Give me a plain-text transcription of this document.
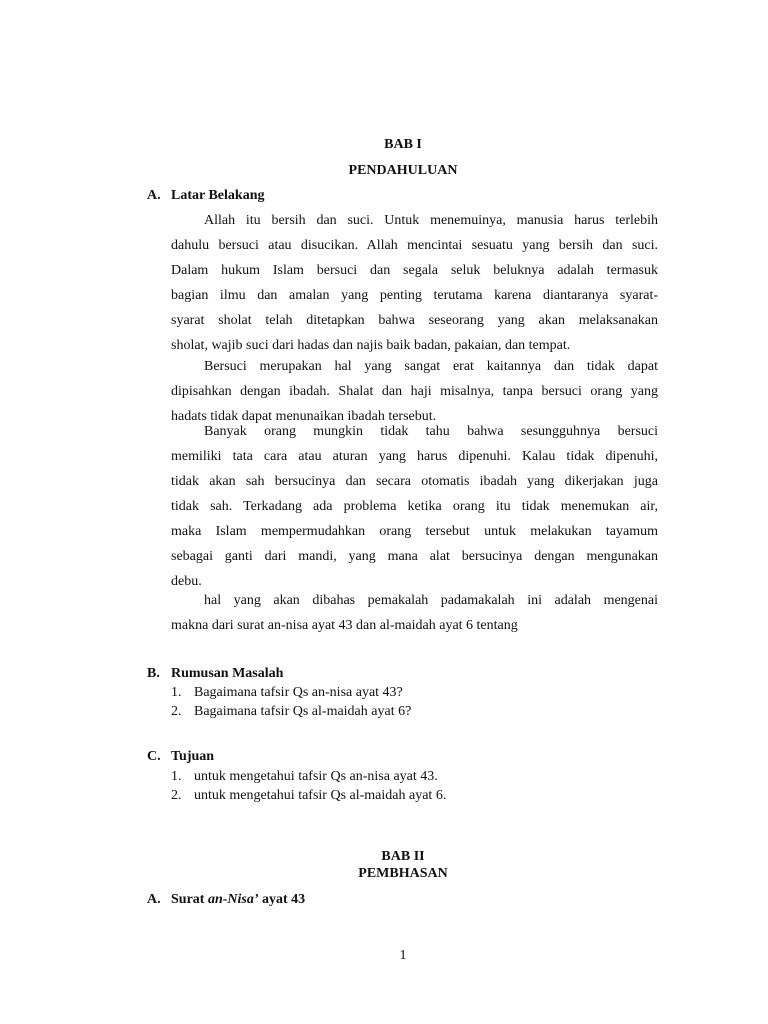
BAB I
PENDAHULUAN
A. Latar Belakang
Allah itu bersih dan suci. Untuk menemuinya, manusia harus terlebih
dahulu bersuci atau disucikan. Allah mencintai sesuatu yang bersih dan suci.
Dalam hukum Islam bersuci dan segala seluk beluknya adalah termasuk
bagian ilmu dan amalan yang penting terutama karena diantaranya syarat-
syarat sholat telah ditetapkan bahwa seseorang yang akan melaksanakan
sholat, wajib suci dari hadas dan najis baik badan, pakaian, dan tempat.
Bersuci merupakan hal yang sangat erat kaitannya dan tidak dapat
dipisahkan dengan ibadah. Shalat dan haji misalnya, tanpa bersuci orang yang
hadats tidak dapat menunaikan ibadah tersebut.
Banyak orang mungkin tidak tahu bahwa sesungguhnya bersuci
memiliki tata cara atau aturan yang harus dipenuhi. Kalau tidak dipenuhi,
tidak akan sah bersucinya dan secara otomatis ibadah yang dikerjakan juga
tidak sah. Terkadang ada problema ketika orang itu tidak menemukan air,
maka Islam mempermudahkan orang tersebut untuk melakukan tayamum
sebagai ganti dari mandi, yang mana alat bersucinya dengan mengunakan
debu.
hal yang akan dibahas pemakalah padamakalah ini adalah mengenai
makna dari surat an-nisa ayat 43 dan al-maidah ayat 6 tentang
B. Rumusan Masalah
1. Bagaimana tafsir Qs an-nisa ayat 43?
2. Bagaimana tafsir Qs al-maidah ayat 6?
C. Tujuan
1. untuk mengetahui tafsir Qs an-nisa ayat 43.
2. untuk mengetahui tafsir Qs al-maidah ayat 6.
BAB II
PEMBHASAN
A. Surat an-Nisa’ ayat 43
1
